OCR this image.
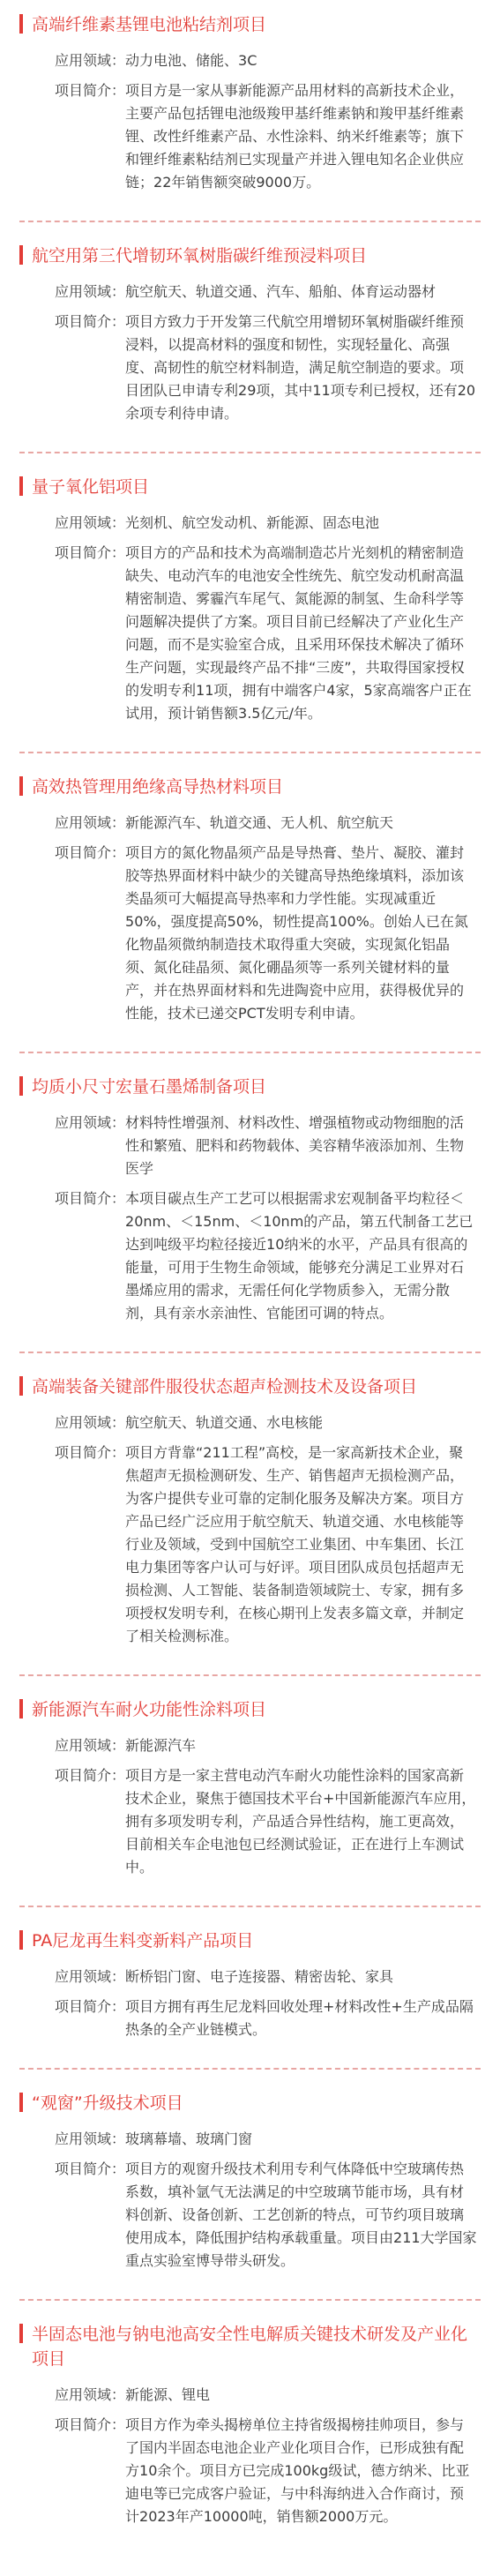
高端纤维素基锂电池粘结剂项目
应用领域： 动力电池、储能、3C
项目简介： 项目方是一家从事新能源产品用材料的高新技术企业，主要产品包括锂电池级羧甲基纤维素钠和羧甲基纤维素锂、改性纤维素产品、水性涂料、纳米纤维素等；旗下和锂纤维素粘结剂已实现量产并进入锂电知名企业供应链；22年销售额突破9000万。
航空用第三代增韧环氧树脂碳纤维预浸料项目
应用领域： 航空航天、轨道交通、汽车、船舶、体育运动器材
项目简介： 项目方致力于开发第三代航空用增韧环氧树脂碳纤维预浸料，以提高材料的强度和韧性，实现轻量化、高强度、高韧性的航空材料制造，满足航空制造的要求。项目团队已申请专利29项，其中11项专利已授权，还有20余项专利待申请。
量子氧化铝项目
应用领域： 光刻机、航空发动机、新能源、固态电池
项目简介： 项目方的产品和技术为高端制造芯片光刻机的精密制造缺失、电动汽车的电池安全性统先、航空发动机耐高温精密制造、雾霾汽车尾气、氮能源的制氢、生命科学等问题解决提供了方案。项目目前已经解决了产业化生产问题，而不是实验室合成，且采用环保技术解决了循环生产问题，实现最终产品不排“三废”，共取得国家授权的发明专利11项，拥有中端客户4家，5家高端客户正在试用，预计销售额3.5亿元/年。
高效热管理用绝缘高导热材料项目
应用领域： 新能源汽车、轨道交通、无人机、航空航天
项目简介： 项目方的氮化物晶须产品是导热膏、垫片、凝胶、灌封胶等热界面材料中缺少的关键高导热绝缘填料，添加该类晶须可大幅提高导热率和力学性能。实现减重近50%，强度提高50%，韧性提高100%。创始人已在氮化物晶须微纳制造技术取得重大突破，实现氮化铝晶须、氮化硅晶须、氮化硼晶须等一系列关键材料的量产，并在热界面材料和先进陶瓷中应用，获得极优异的性能，技术已递交PCT发明专利申请。
均质小尺寸宏量石墨烯制备项目
应用领域： 材料特性增强剂、材料改性、增强植物或动物细胞的活性和繁殖、肥料和药物载体、美容精华液添加剂、生物医学
项目简介： 本项目碳点生产工艺可以根据需求宏观制备平均粒径＜20nm、＜15nm、＜10nm的产品，第五代制备工艺已达到吨级平均粒径接近10纳米的水平，产品具有很高的能量，可用于生物生命领域，能够充分满足工业界对石墨烯应用的需求，无需任何化学物质参入，无需分散剂，具有亲水亲油性、官能团可调的特点。
高端装备关键部件服役状态超声检测技术及设备项目
应用领域： 航空航天、轨道交通、水电核能
项目简介： 项目方背靠“211工程”高校，是一家高新技术企业，聚焦超声无损检测研发、生产、销售超声无损检测产品，为客户提供专业可靠的定制化服务及解决方案。项目方产品已经广泛应用于航空航天、轨道交通、水电核能等行业及领域，受到中国航空工业集团、中车集团、长江电力集团等客户认可与好评。项目团队成员包括超声无损检测、人工智能、装备制造领域院士、专家，拥有多项授权发明专利，在核心期刊上发表多篇文章，并制定了相关检测标准。
新能源汽车耐火功能性涂料项目
应用领域： 新能源汽车
项目简介： 项目方是一家主营电动汽车耐火功能性涂料的国家高新技术企业，聚焦于德国技术平台+中国新能源汽车应用，拥有多项发明专利，产品适合异性结构，施工更高效，目前相关车企电池包已经测试验证，正在进行上车测试中。
PA尼龙再生料变新料产品项目
应用领域： 断桥铝门窗、电子连接器、精密齿轮、家具
项目简介： 项目方拥有再生尼龙料回收处理+材料改性+生产成品隔热条的全产业链模式。
“观窗”升级技术项目
应用领域： 玻璃幕墙、玻璃门窗
项目简介： 项目方的观窗升级技术利用专利气体降低中空玻璃传热系数，填补氩气无法满足的中空玻璃节能市场，具有材料创新、设备创新、工艺创新的特点，可节约项目玻璃使用成本，降低围护结构承载重量。项目由211大学国家重点实验室博导带头研发。
半固态电池与钠电池高安全性电解质关键技术研发及产业化项目
应用领域： 新能源、锂电
项目简介： 项目方作为牵头揭榜单位主持省级揭榜挂帅项目，参与了国内半固态电池企业产业化项目合作，已形成独有配方10余个。项目方已完成100kg级试，德方纳米、比亚迪电等已完成客户验证，与中科海纳进入合作商讨，预计2023年产10000吨，销售额2000万元。
